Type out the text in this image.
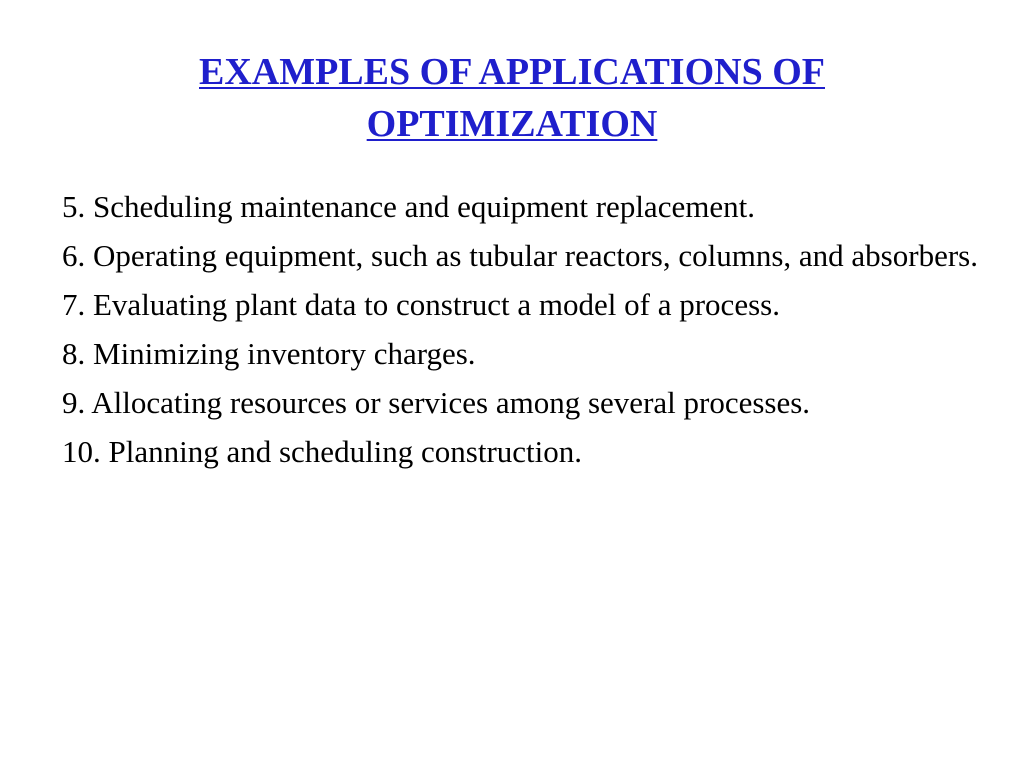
EXAMPLES OF APPLICATIONS OF
OPTIMIZATION
5. Scheduling maintenance and equipment replacement.
6. Operating equipment, such as tubular reactors, columns, and absorbers.
7. Evaluating plant data to construct a model of a process.
8. Minimizing inventory charges.
9. Allocating resources or services among several processes.
10. Planning and scheduling construction.
